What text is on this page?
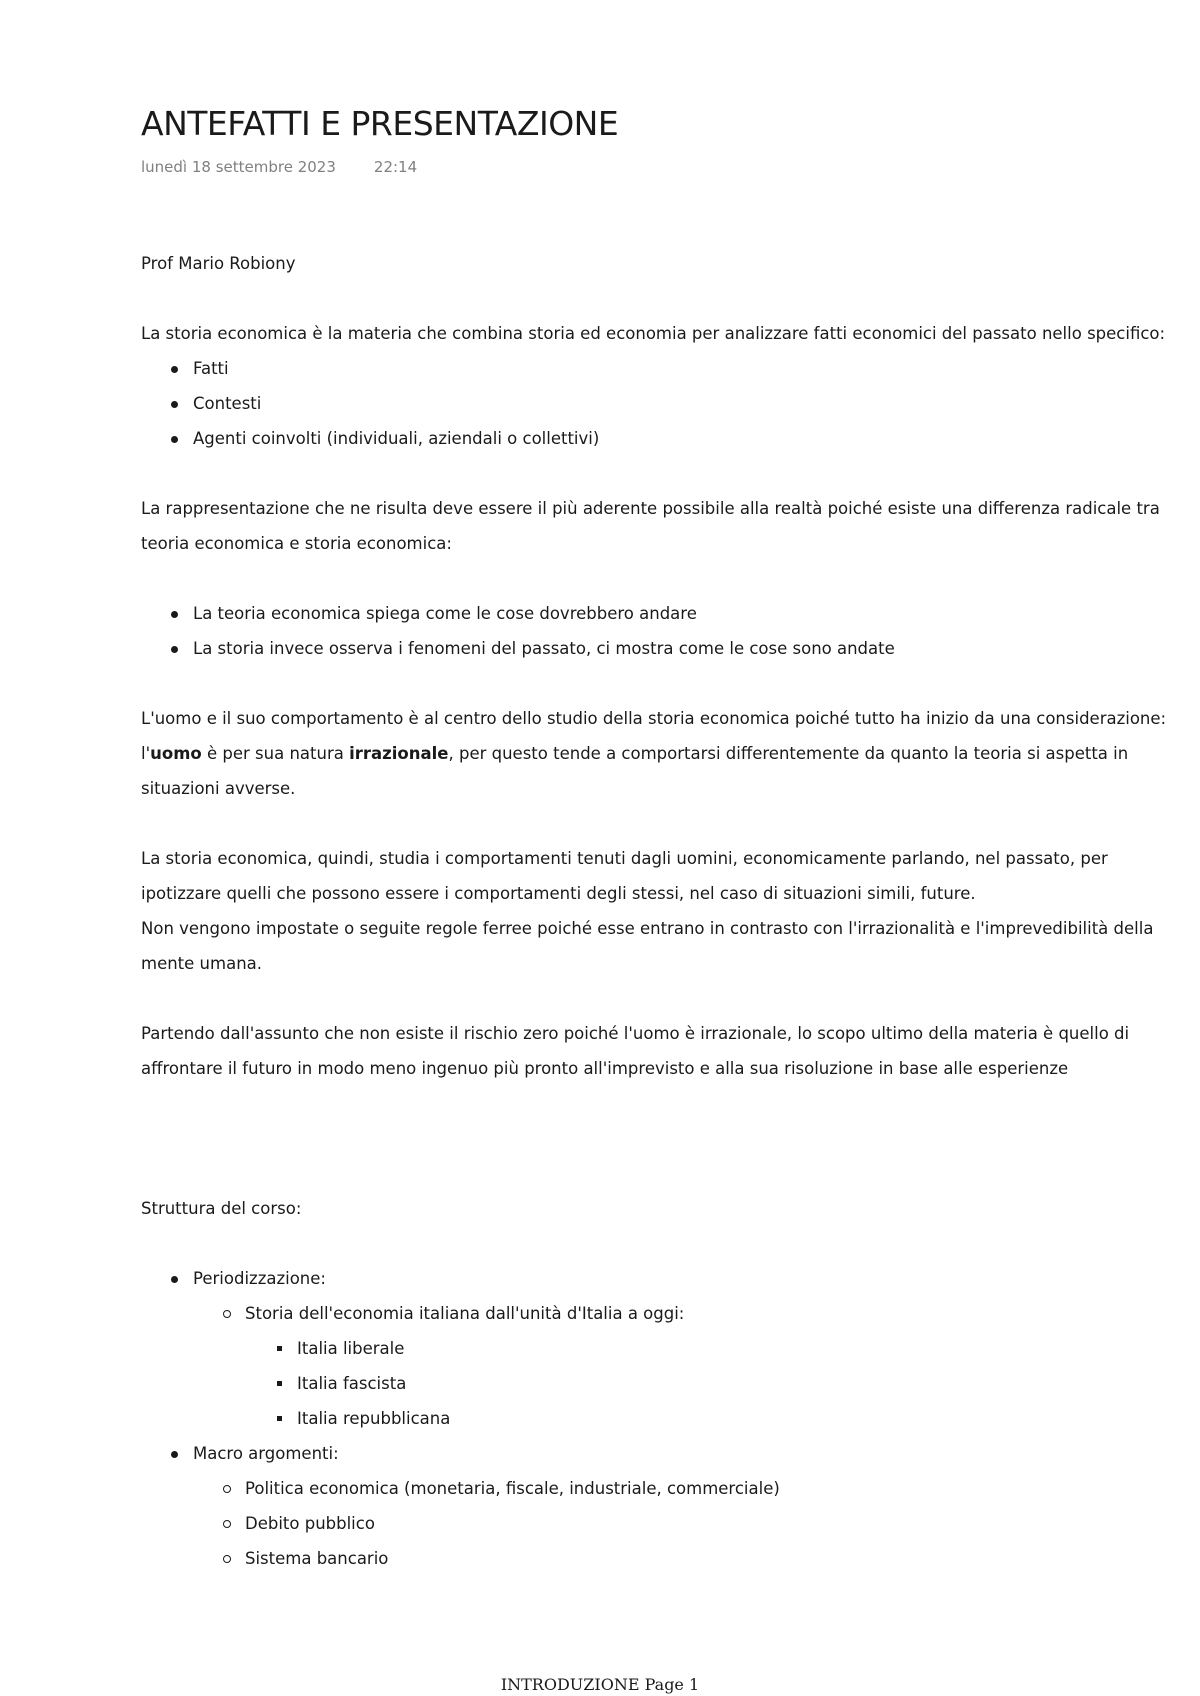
ANTEFATTI E PRESENTAZIONE
lunedì 18 settembre 2023	22:14

Prof Mario Robiony

La storia economica è la materia che combina storia ed economia per analizzare fatti economici del passato nello specifico:

Fatti
Contesti
Agenti coinvolti (individuali, aziendali o collettivi)

La rappresentazione che ne risulta deve essere il più aderente possibile alla realtà poiché esiste una differenza radicale tra teoria economica e storia economica:

La teoria economica spiega come le cose dovrebbero andare
La storia invece osserva i fenomeni del passato, ci mostra come le cose sono andate

L'uomo e il suo comportamento è al centro dello studio della storia economica poiché tutto ha inizio da una considerazione: l'uomo è per sua natura irrazionale, per questo tende a comportarsi differentemente da quanto la teoria si aspetta in situazioni avverse.

La storia economica, quindi, studia i comportamenti tenuti dagli uomini, economicamente parlando, nel passato, per ipotizzare quelli che possono essere i comportamenti degli stessi, nel caso di situazioni simili, future.

Non vengono impostate o seguite regole ferree poiché esse entrano in contrasto con l'irrazionalità e l'imprevedibilità della mente umana.

Partendo dall'assunto che non esiste il rischio zero poiché l'uomo è irrazionale, lo scopo ultimo della materia è quello di affrontare il futuro in modo meno ingenuo più pronto all'imprevisto e alla sua risoluzione in base alle esperienze

Struttura del corso:

Periodizzazione:
Storia dell'economia italiana dall'unità d'Italia a oggi:
Italia liberale
Italia fascista
Italia repubblicana
Macro argomenti:
Politica economica (monetaria, fiscale, industriale, commerciale)
Debito pubblico
Sistema bancario
INTRODUZIONE Page 1
